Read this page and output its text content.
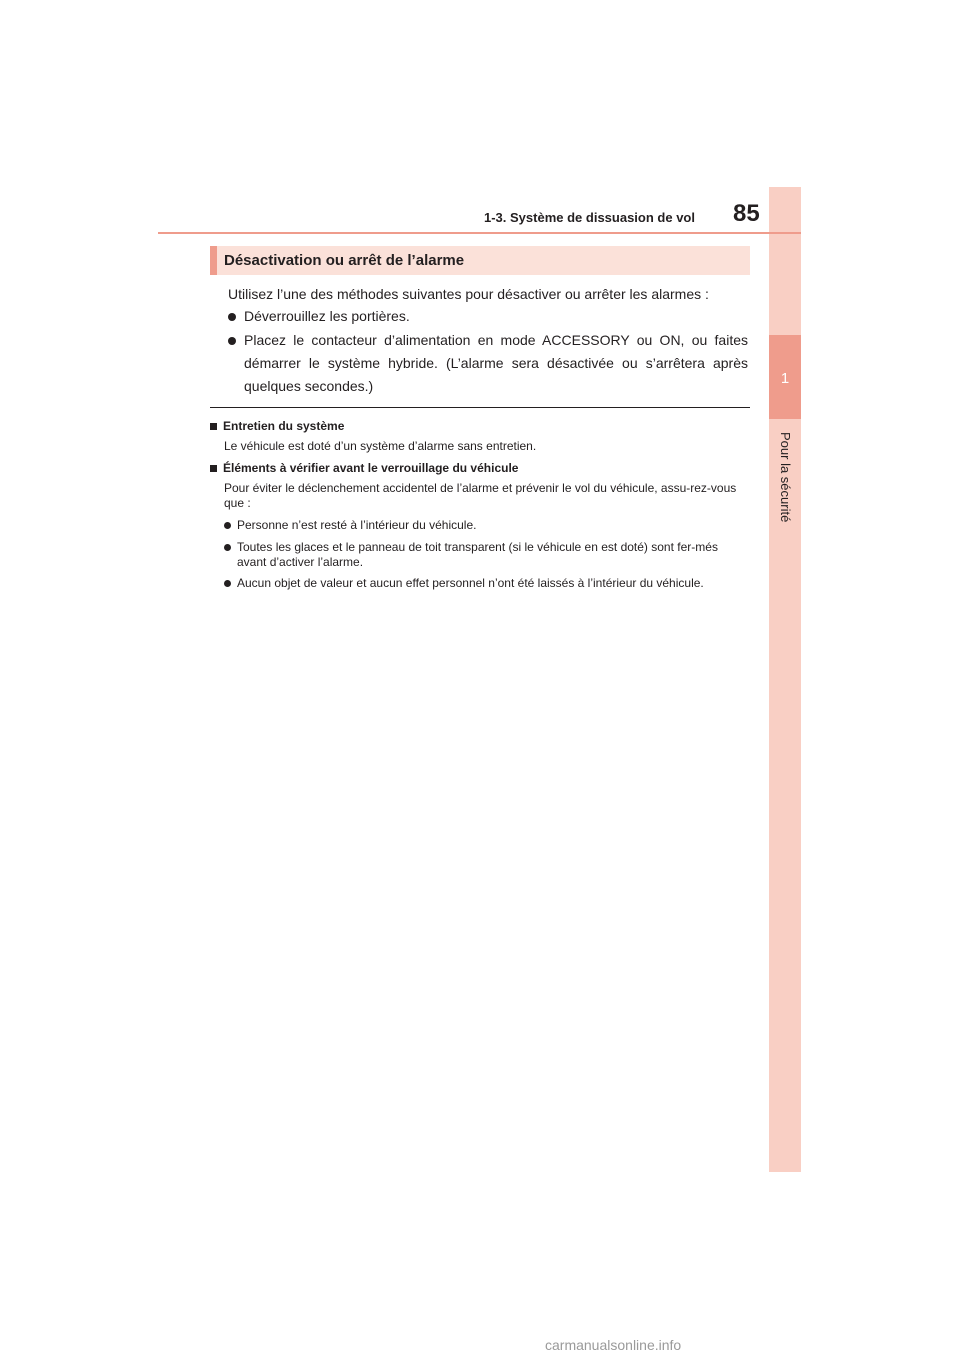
1
Pour la sécurité
1-3. Système de dissuasion de vol 85
Désactivation ou arrêt de l’alarme
Utilisez l’une des méthodes suivantes pour désactiver ou arrêter les alarmes :
Déverrouillez les portières.
Placez le contacteur d’alimentation en mode ACCESSORY ou ON, ou faites démarrer le système hybride. (L’alarme sera désactivée ou s’arrêtera après quelques secondes.)
Entretien du système
Le véhicule est doté d’un système d’alarme sans entretien.
Éléments à vérifier avant le verrouillage du véhicule
Pour éviter le déclenchement accidentel de l’alarme et prévenir le vol du véhicule, assu-rez-vous que :
Personne n’est resté à l’intérieur du véhicule.
Toutes les glaces et le panneau de toit transparent (si le véhicule en est doté) sont fer-més avant d’activer l’alarme.
Aucun objet de valeur et aucun effet personnel n’ont été laissés à l’intérieur du véhicule.
carmanualsonline.info
